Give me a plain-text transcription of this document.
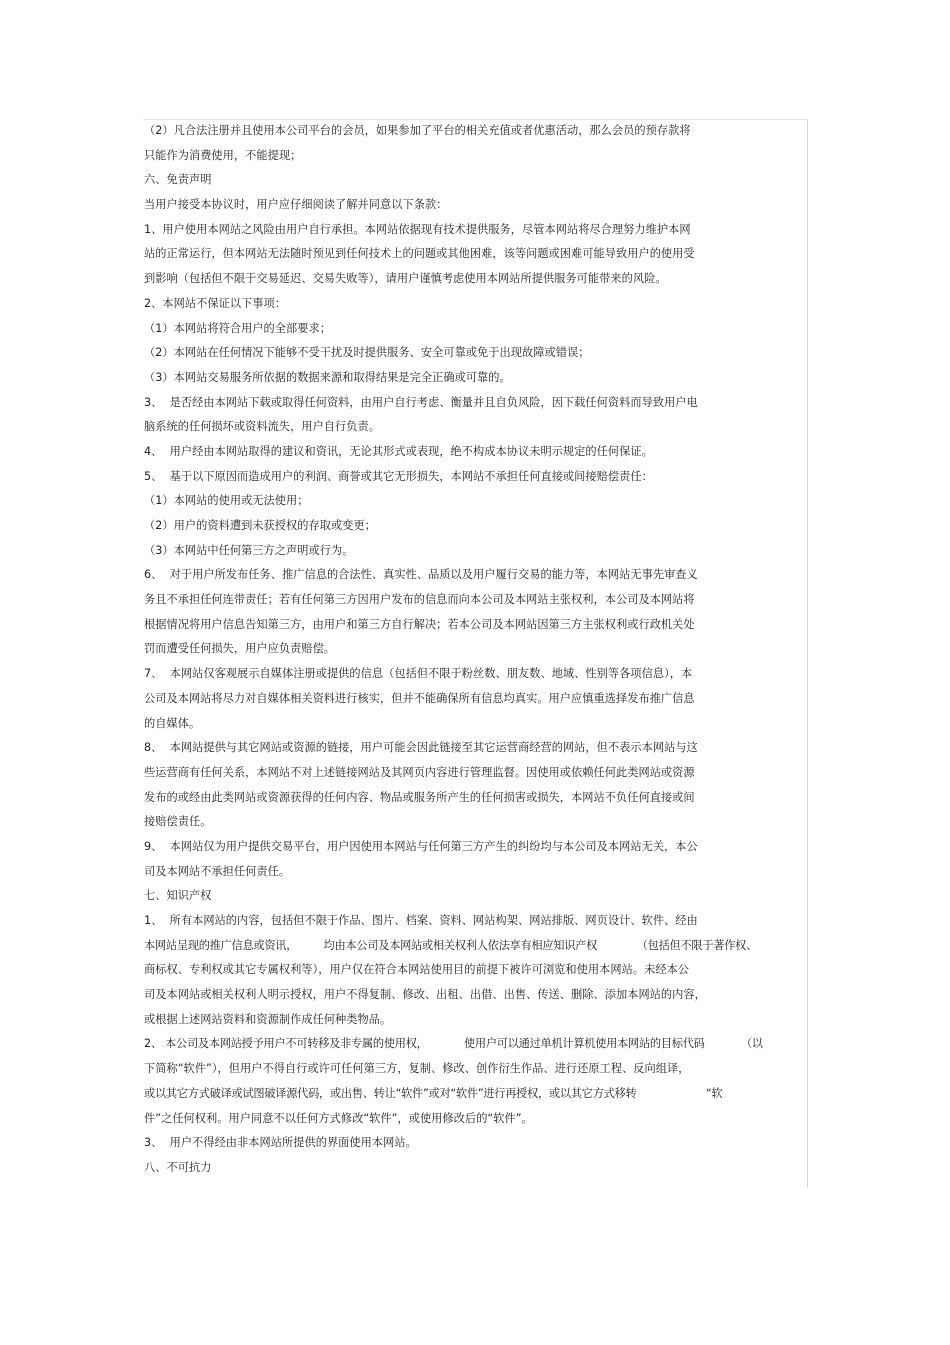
（2）凡合法注册并且使用本公司平台的会员，如果参加了平台的相关充值或者优惠活动，那么会员的预存款将
只能作为消费使用，不能提现；
六、免责声明
当用户接受本协议时，用户应仔细阅读了解并同意以下条款：
1、用户使用本网站之风险由用户自行承担。本网站依据现有技术提供服务，尽管本网站将尽合理努力维护本网
站的正常运行，但本网站无法随时预见到任何技术上的问题或其他困难，该等问题或困难可能导致用户的使用受
到影响（包括但不限于交易延迟、交易失败等），请用户谨慎考虑使用本网站所提供服务可能带来的风险。
2、本网站不保证以下事项：
（1）本网站将符合用户的全部要求；
（2）本网站在任何情况下能够不受干扰及时提供服务、安全可靠或免于出现故障或错误；
（3）本网站交易服务所依据的数据来源和取得结果是完全正确或可靠的。
3、  是否经由本网站下载或取得任何资料，由用户自行考虑、衡量并且自负风险，因下载任何资料而导致用户电
脑系统的任何损坏或资料流失，用户自行负责。
4、  用户经由本网站取得的建议和资讯，无论其形式或表现，绝不构成本协议未明示规定的任何保证。
5、  基于以下原因而造成用户的利润、商誉或其它无形损失，本网站不承担任何直接或间接赔偿责任：
（1）本网站的使用或无法使用；
（2）用户的资料遭到未获授权的存取或变更；
（3）本网站中任何第三方之声明或行为。
6、  对于用户所发布任务、推广信息的合法性、真实性、品质以及用户履行交易的能力等，本网站无事先审查义
务且不承担任何连带责任；若有任何第三方因用户发布的信息而向本公司及本网站主张权利，本公司及本网站将
根据情况将用户信息告知第三方，由用户和第三方自行解决；若本公司及本网站因第三方主张权利或行政机关处
罚而遭受任何损失，用户应负责赔偿。
7、  本网站仅客观展示自媒体注册或提供的信息（包括但不限于粉丝数、朋友数、地域、性别等各项信息），本
公司及本网站将尽力对自媒体相关资料进行核实，但并不能确保所有信息均真实。用户应慎重选择发布推广信息
的自媒体。
8、  本网站提供与其它网站或资源的链接，用户可能会因此链接至其它运营商经营的网站，但不表示本网站与这
些运营商有任何关系，本网站不对上述链接网站及其网页内容进行管理监督。因使用或依赖任何此类网站或资源
发布的或经由此类网站或资源获得的任何内容、物品或服务所产生的任何损害或损失，本网站不负任何直接或间
接赔偿责任。
9、  本网站仅为用户提供交易平台，用户因使用本网站与任何第三方产生的纠纷均与本公司及本网站无关，本公
司及本网站不承担任何责任。
七、知识产权
1、  所有本网站的内容，包括但不限于作品、图片、档案、资料、网站构架、网站排版、网页设计、软件、经由
本网站呈现的推广信息或资讯，        均由本公司及本网站或相关权利人依法享有相应知识产权            （包括但不限于著作权、
商标权、专利权或其它专属权利等），用户仅在符合本网站使用目的前提下被许可浏览和使用本网站。未经本公
司及本网站或相关权利人明示授权，用户不得复制、修改、出租、出借、出售、传送、删除、添加本网站的内容，
或根据上述网站资料和资源制作成任何种类物品。
2、 本公司及本网站授予用户不可转移及非专属的使用权，           使用户可以通过单机计算机使用本网站的目标代码           （以
下简称“软件”），但用户不得自行或许可任何第三方，复制、修改、创作衍生作品、进行还原工程、反向组译，
或以其它方式破译或试图破译源代码，或出售、转让“软件”或对“软件”进行再授权，或以其它方式移转                     “软
件”之任何权利。用户同意不以任何方式修改“软件”，或使用修改后的“软件”。
3、  用户不得经由非本网站所提供的界面使用本网站。
八、不可抗力
